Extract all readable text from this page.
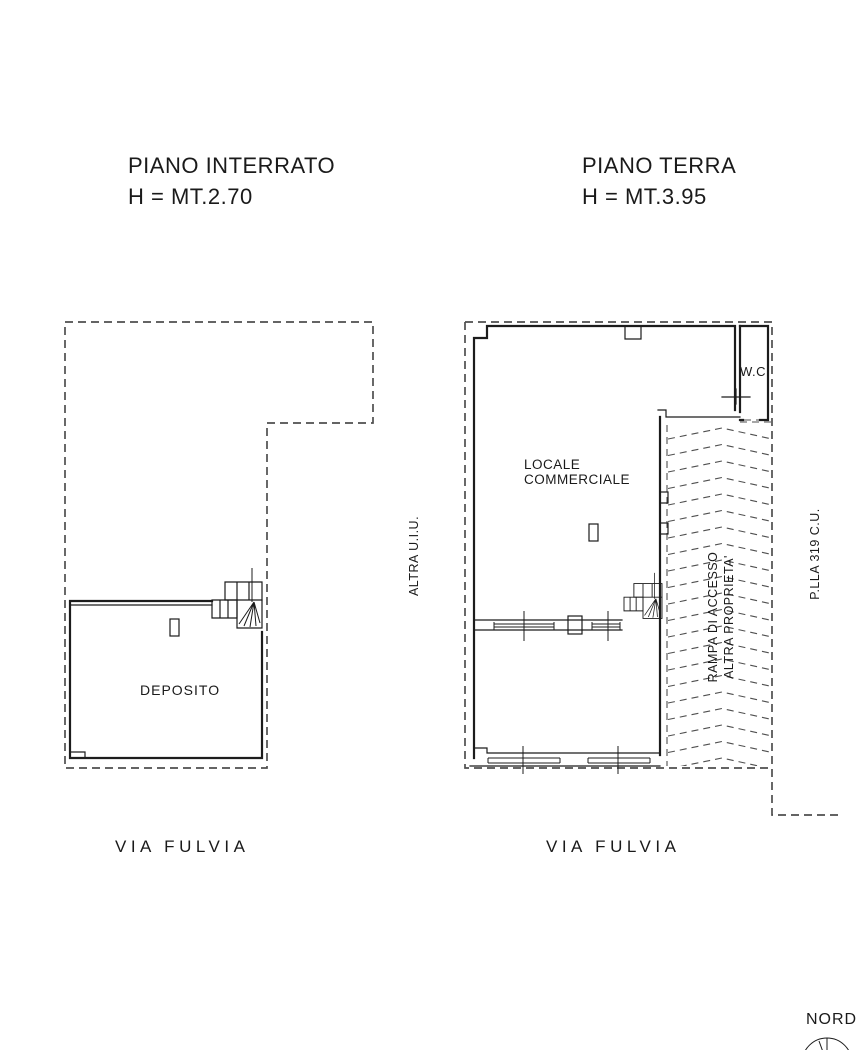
PIANO INTERRATO
H = MT.2.70
PIANO TERRA
H = MT.3.95
DEPOSITO
LOCALE
COMMERCIALE
W.C.
ALTRA U.I.U.	P.LLA 319 C.U.
RAMPA DI ACCESSO ALTRA PROPRIETA'
VIA FULVIA	VIA FULVIA
NORD
